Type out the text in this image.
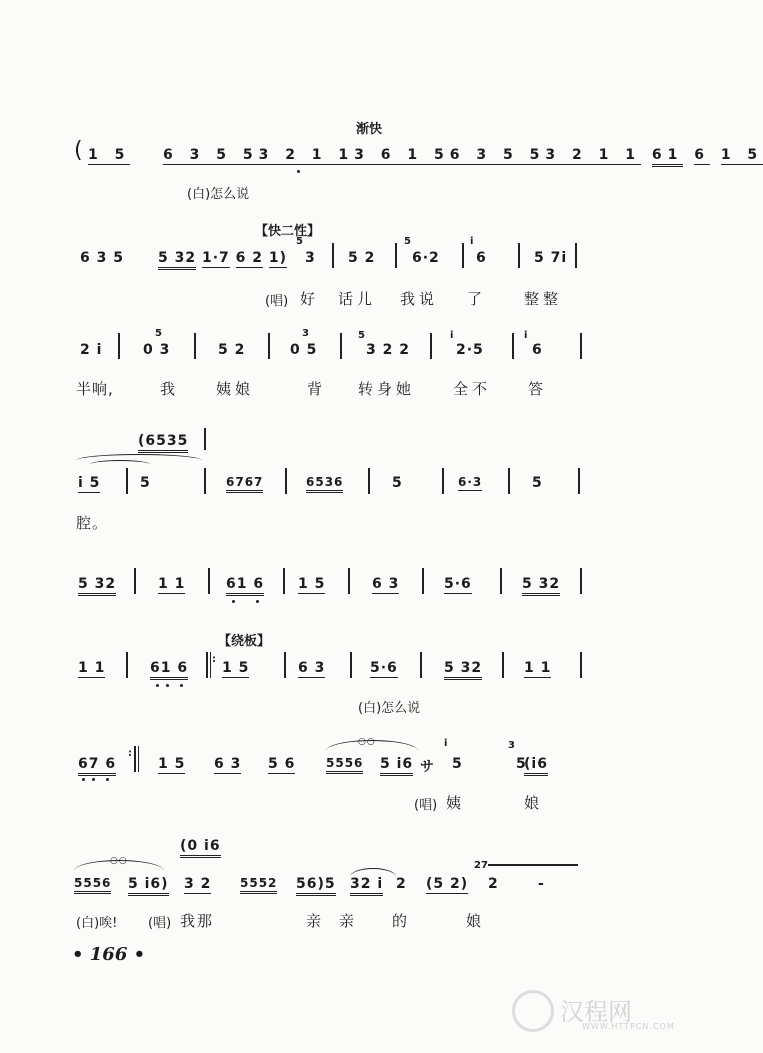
渐快
( 1 5 6 3 5 53 2 1 13 6 1 56 3 5 53 2 1 1 61 6 1 5
(白)怎么说
【快二性】
6 3 5 5 32 1·7 6 2 1)
5
3 5 2
5
6·2
i
6	5 7i
(唱) 好 话儿 我说 了	整整
2 i
5
0 3	5 2
3
0 5
5
3 2 2
i
2·5
i
6
半响,	我	姨娘	背 转身她	全不 答
(6535
i 5	5	6767	6536	5	6·3	5
腔。
5 32	1 1	61 6 1 5	6 3	5·6	5 32
【绕板】
1 1	61 6
:
1 5	6 3	5·6	5 32	1 1
(白)怎么说
67 6
:
1 5 6 3 5 6
○○
5556 5 i6 サ
i
5
3
5
(i6
(唱) 姨	娘
(0 i6
○○
5556 5 i6) 3 2 5552 56)5 32 i 2 (5 2)
27
2	-
(白)唉! (唱) 我那	亲亲 的	娘
• 166 •
汉程网
WWW.HTTPCN.COM
